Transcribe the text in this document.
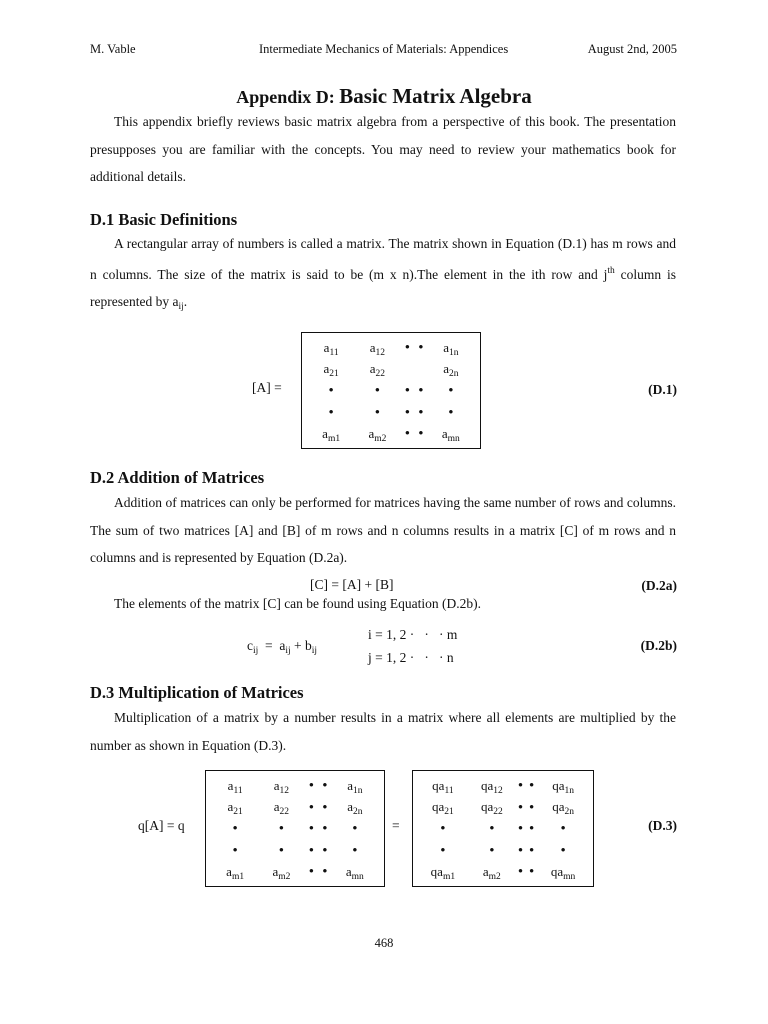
M. Vable	Intermediate Mechanics of Materials: Appendices	August 2nd, 2005
Appendix D: Basic Matrix Algebra

This appendix briefly reviews basic matrix algebra from a perspective of this book. The presentation presupposes you are familiar with the concepts. You may need to review your mathematics book for additional details.

D.1 Basic Definitions

A rectangular array of numbers is called a matrix. The matrix shown in Equation (D.1) has m rows and n columns. The size of the matrix is said to be (m x n).The element in the ith row and $j^{th}$ column is represented by $a_{ij}$.

[A] =
$a_{11}$	$a_{12}$	•	•	$a_{1n}$
$a_{21}$	$a_{22}$			$a_{2n}$
•	•	•	•	•
•	•	•	•	•
$a_{m1}$	$a_{m2}$	•	•	$a_{mn}$
(D.1)
D.2 Addition of Matrices

Addition of matrices can only be performed for matrices having the same number of rows and columns. The sum of two matrices [A] and [B] of m rows and n columns results in a matrix [C] of m rows and n columns and is represented by Equation (D.2a).

[C] = [A] + [B]	(D.2a)
The elements of the matrix [C] can be found using Equation (D.2b).
$c_{ij} = a_{ij} + b_{ij}$
i = 1, 2 ·   ·   · m
j = 1, 2 ·   ·   · n
(D.2b)
D.3 Multiplication of Matrices

Multiplication of a matrix by a number results in a matrix where all elements are multiplied by the number as shown in Equation (D.3).

q[A] = q
$a_{11}$	$a_{12}$	•	•	$a_{1n}$
$a_{21}$	$a_{22}$	•	•	$a_{2n}$
•	•	•	•	•
•	•	•	•	•
$a_{m1}$	$a_{m2}$	•	•	$a_{mn}$
=
$qa_{11}$	$qa_{12}$	•	•	$qa_{1n}$
$qa_{21}$	$qa_{22}$	•	•	$qa_{2n}$
•	•	•	•	•
•	•	•	•	•
$qa_{m1}$	$a_{m2}$	•	•	$qa_{mn}$
(D.3)
468
